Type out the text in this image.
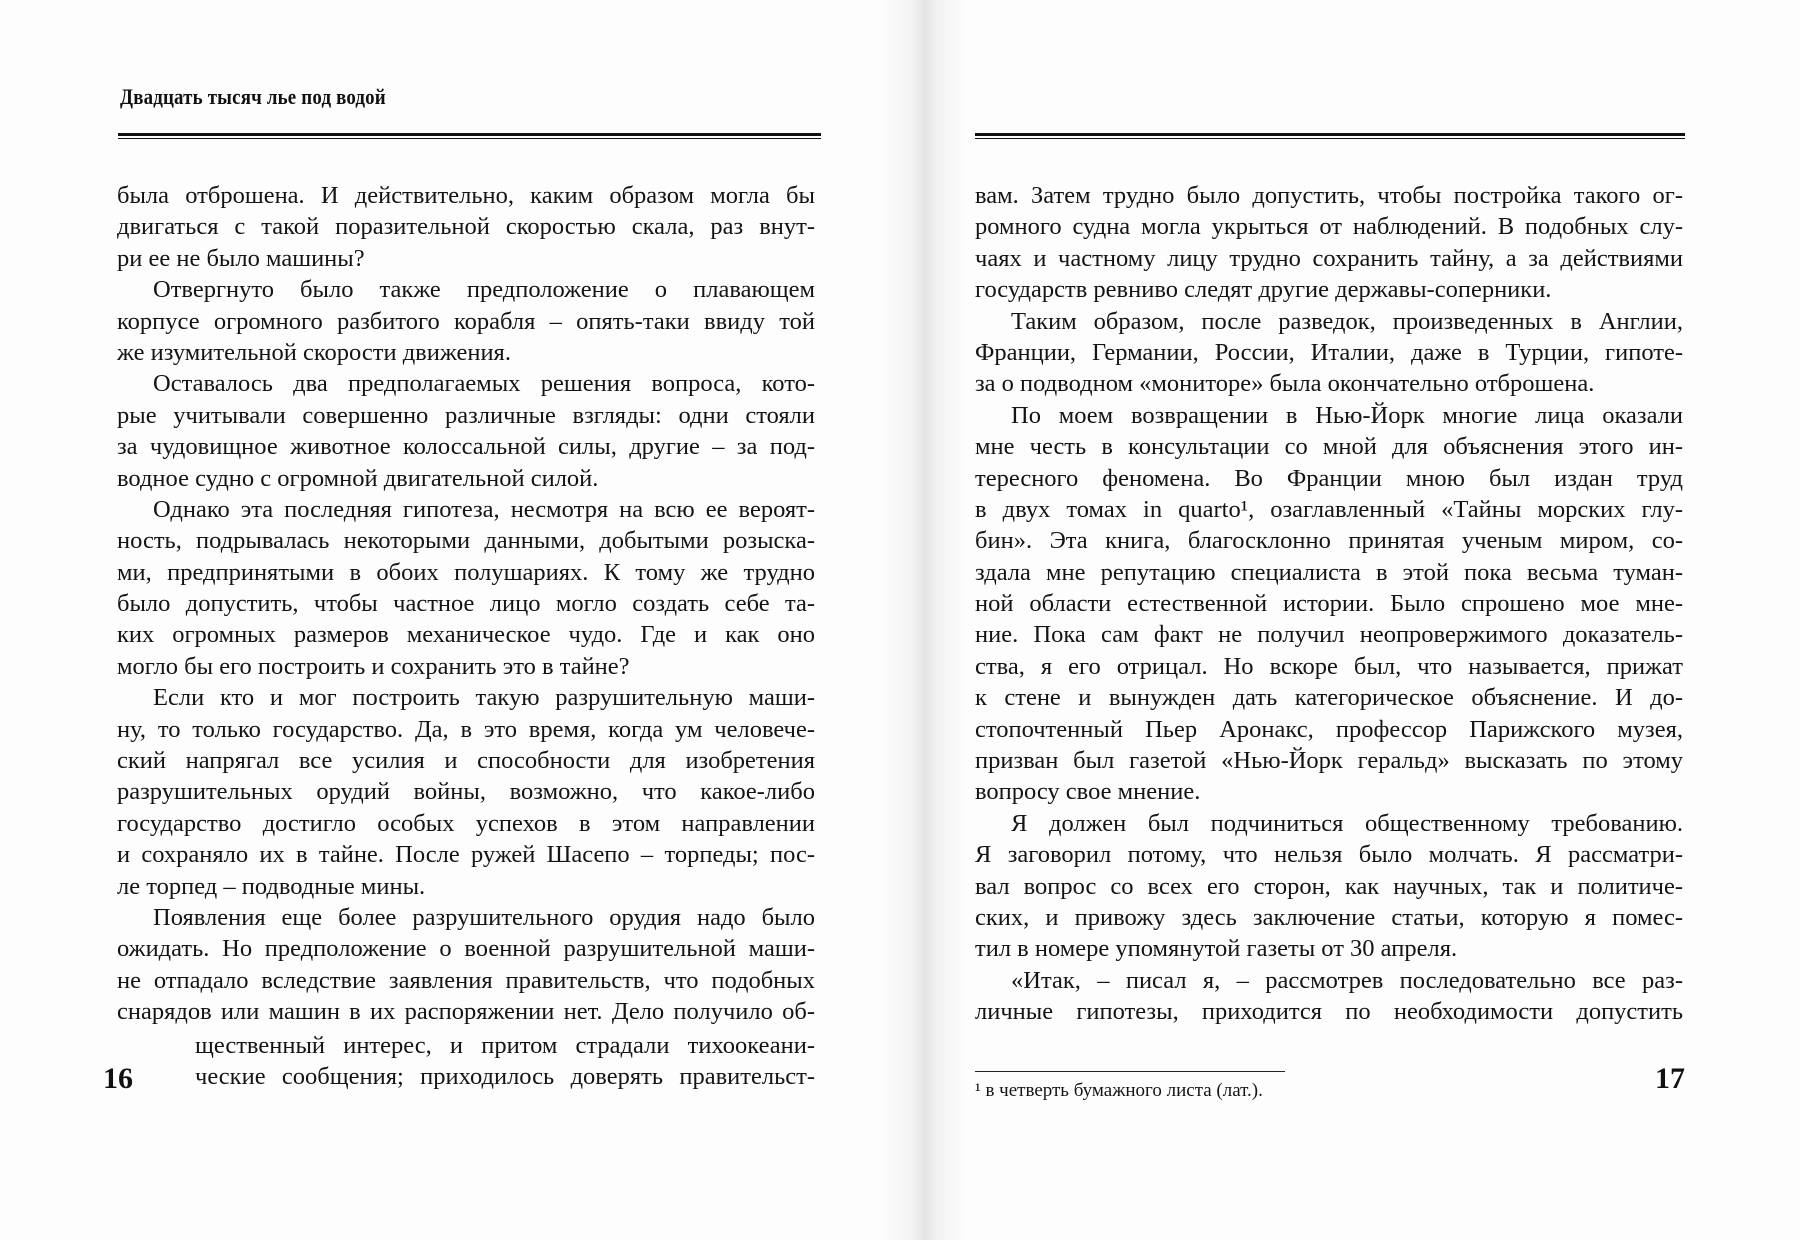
Двадцать тысяч лье под водой
была отброшена. И действительно, каким образом могла бы
двигаться с такой поразительной скоростью скала, раз внут-
ри ее не было машины?
Отвергнуто было также предположение о плавающем
корпусе огромного разбитого корабля – опять-таки ввиду той
же изумительной скорости движения.
Оставалось два предполагаемых решения вопроса, кото-
рые учитывали совершенно различные взгляды: одни стояли
за чудовищное животное колоссальной силы, другие – за под-
водное судно с огромной двигательной силой.
Однако эта последняя гипотеза, несмотря на всю ее вероят-
ность, подрывалась некоторыми данными, добытыми розыска-
ми, предпринятыми в обоих полушариях. К тому же трудно
было допустить, чтобы частное лицо могло создать себе та-
ких огромных размеров механическое чудо. Где и как оно
могло бы его построить и сохранить это в тайне?
Если кто и мог построить такую разрушительную маши-
ну, то только государство. Да, в это время, когда ум человече-
ский напрягал все усилия и способности для изобретения
разрушительных орудий войны, возможно, что какое-либо
государство достигло особых успехов в этом направлении
и сохраняло их в тайне. После ружей Шасепо – торпеды; пос-
ле торпед – подводные мины.
Появления еще более разрушительного орудия надо было
ожидать. Но предположение о военной разрушительной маши-
не отпадало вследствие заявления правительств, что подобных
снарядов или машин в их распоряжении нет. Дело получило об-
щественный интерес, и притом страдали тихоокеани-
ческие сообщения; приходилось доверять правительст-
16
вам. Затем трудно было допустить, чтобы постройка такого ог-
ромного судна могла укрыться от наблюдений. В подобных слу-
чаях и частному лицу трудно сохранить тайну, а за действиями
государств ревниво следят другие державы-соперники.
Таким образом, после разведок, произведенных в Англии,
Франции, Германии, России, Италии, даже в Турции, гипоте-
за о подводном «мониторе» была окончательно отброшена.
По моем возвращении в Нью-Йорк многие лица оказали
мне честь в консультации со мной для объяснения этого ин-
тересного феномена. Во Франции мною был издан труд
в двух томах in quarto¹, озаглавленный «Тайны морских глу-
бин». Эта книга, благосклонно принятая ученым миром, со-
здала мне репутацию специалиста в этой пока весьма туман-
ной области естественной истории. Было спрошено мое мне-
ние. Пока сам факт не получил неопровержимого доказатель-
ства, я его отрицал. Но вскоре был, что называется, прижат
к стене и вынужден дать категорическое объяснение. И до-
стопочтенный Пьер Аронакс, профессор Парижского музея,
призван был газетой «Нью-Йорк геральд» высказать по этому
вопросу свое мнение.
Я должен был подчиниться общественному требованию.
Я заговорил потому, что нельзя было молчать. Я рассматри-
вал вопрос со всех его сторон, как научных, так и политиче-
ских, и привожу здесь заключение статьи, которую я помес-
тил в номере упомянутой газеты от 30 апреля.
«Итак, – писал я, – рассмотрев последовательно все раз-
личные гипотезы, приходится по необходимости допустить
¹ в четверть бумажного листа (лат.).	17
